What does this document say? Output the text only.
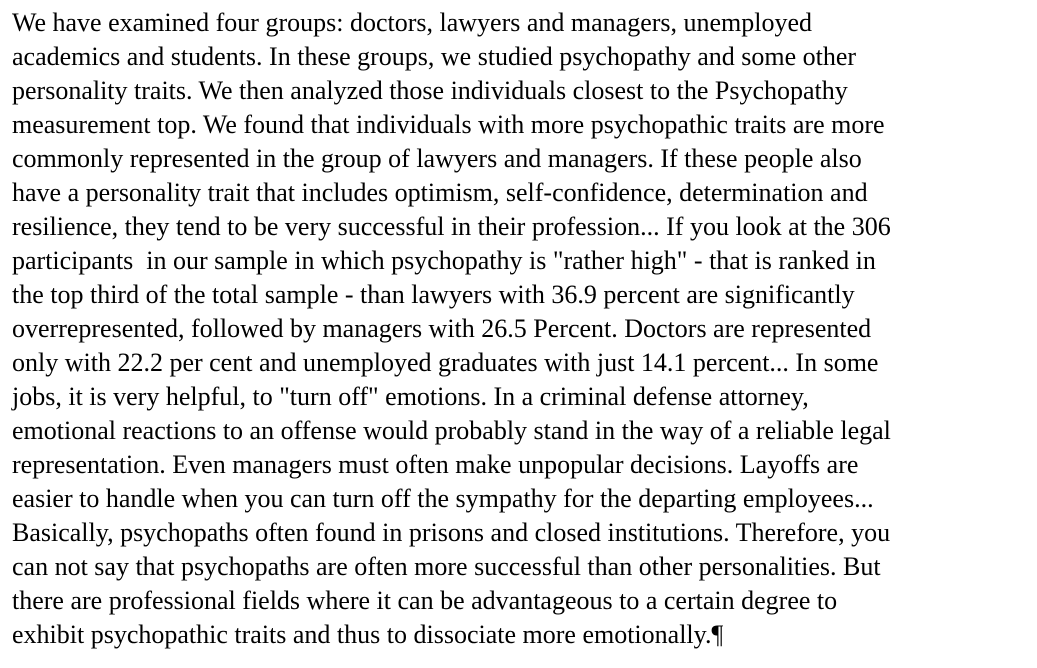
We have examined four groups: doctors, lawyers and managers, unemployed
academics and students. In these groups, we studied psychopathy and some other
personality traits. We then analyzed those individuals closest to the Psychopathy
measurement top. We found that individuals with more psychopathic traits are more
commonly represented in the group of lawyers and managers. If these people also
have a personality trait that includes optimism, self-confidence, determination and
resilience, they tend to be very successful in their profession... If you look at the 306
participants  in our sample in which psychopathy is "rather high" - that is ranked in
the top third of the total sample - than lawyers with 36.9 percent are significantly
overrepresented, followed by managers with 26.5 Percent. Doctors are represented
only with 22.2 per cent and unemployed graduates with just 14.1 percent... In some
jobs, it is very helpful, to "turn off" emotions. In a criminal defense attorney,
emotional reactions to an offense would probably stand in the way of a reliable legal
representation. Even managers must often make unpopular decisions. Layoffs are
easier to handle when you can turn off the sympathy for the departing employees...
Basically, psychopaths often found in prisons and closed institutions. Therefore, you
can not say that psychopaths are often more successful than other personalities. But
there are professional fields where it can be advantageous to a certain degree to
exhibit psychopathic traits and thus to dissociate more emotionally.¶
